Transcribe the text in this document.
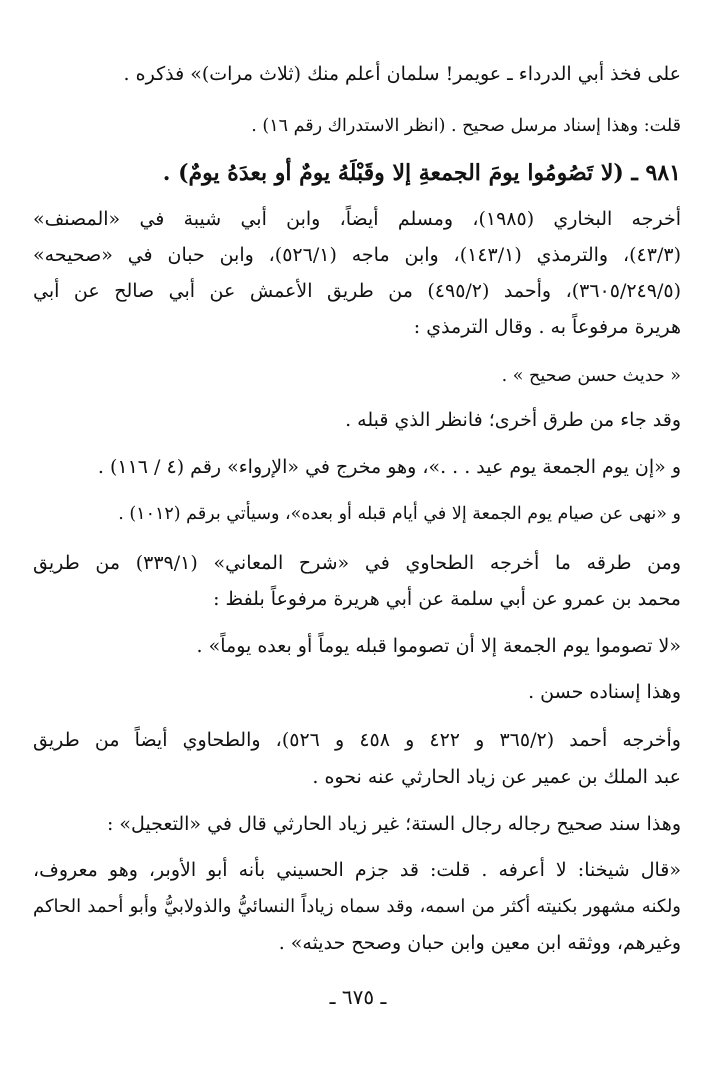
على فخذ أبي الدرداء ـ عويمر! سلمان أعلم منك (ثلاث مرات)» فذكره .
قلت: وهذا إسناد مرسل صحيح . (انظر الاستدراك رقم ١٦) .
٩٨١ ـ (لا تَصُومُوا يومَ الجمعةِ إلا وقَبْلَهُ يومٌ أو بعدَهُ يومٌ) .
أخرجه البخاري (١٩٨٥)، ومسلم أيضاً، وابن أبي شيبة في «المصنف»
(٤٣/٣)، والترمذي (١٤٣/١)، وابن ماجه (٥٢٦/١)، وابن حبان في «صحيحه»
(٣٦٠٥/٢٤٩/٥)، وأحمد (٤٩٥/٢) من طريق الأعمش عن أبي صالح عن أبي
هريرة مرفوعاً به . وقال الترمذي :
« حديث حسن صحيح » .
وقد جاء من طرق أخرى؛ فانظر الذي قبله .
و «إن يوم الجمعة يوم عيد . . .»، وهو مخرج في «الإرواء» رقم (٤ / ١١٦) .
و «نهى عن صيام يوم الجمعة إلا في أيام قبله أو بعده»، وسيأتي برقم (١٠١٢) .
ومن طرقه ما أخرجه الطحاوي في «شرح المعاني» (٣٣٩/١) من طريق
محمد بن عمرو عن أبي سلمة عن أبي هريرة مرفوعاً بلفظ :
«لا تصوموا يوم الجمعة إلا أن تصوموا قبله يوماً أو بعده يوماً» .
وهذا إسناده حسن .
وأخرجه أحمد (٣٦٥/٢ و ٤٢٢ و ٤٥٨ و ٥٢٦)، والطحاوي أيضاً من طريق
عبد الملك بن عمير عن زياد الحارثي عنه نحوه .
وهذا سند صحيح رجاله رجال الستة؛ غير زياد الحارثي قال في «التعجيل» :
«قال شيخنا: لا أعرفه . قلت: قد جزم الحسيني بأنه أبو الأوبر، وهو معروف،
ولكنه مشهور بكنيته أكثر من اسمه، وقد سماه زياداً النسائيُّ والذولابيُّ وأبو أحمد الحاكم
وغيرهم، ووثقه ابن معين وابن حبان وصحح حديثه» .
ـ ٦٧٥ ـ
